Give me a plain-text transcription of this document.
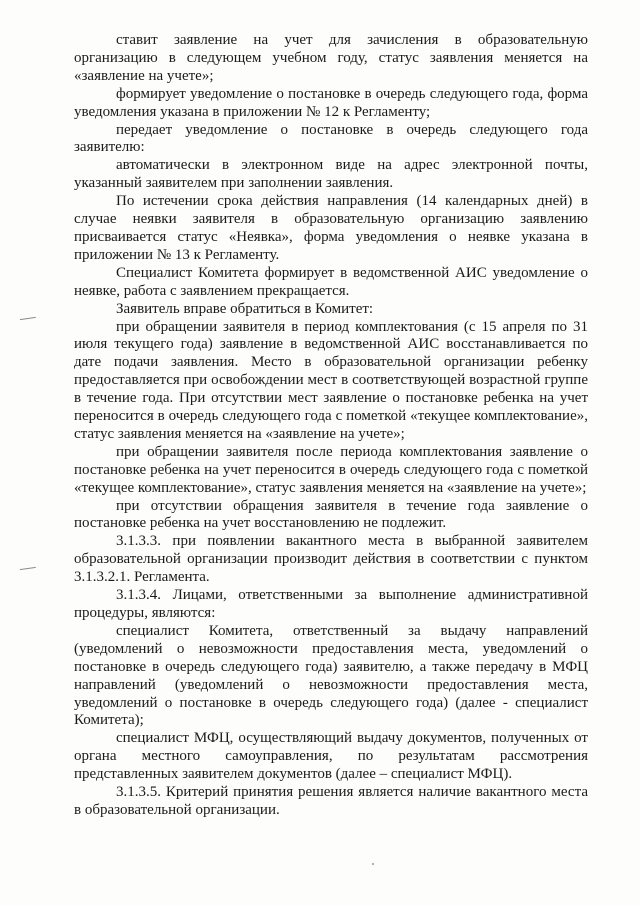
ставит заявление на учет для зачисления в образовательную организацию в следующем учебном году, статус заявления меняется на «заявление на учете»;

формирует уведомление о постановке в очередь следующего года, форма уведомления указана в приложении № 12 к Регламенту;

передает уведомление о постановке в очередь следующего года заявителю:

автоматически в электронном виде на адрес электронной почты, указанный заявителем при заполнении заявления.

По истечении срока действия направления (14 календарных дней) в случае неявки заявителя в образовательную организацию заявлению присваивается статус «Неявка», форма уведомления о неявке указана в приложении № 13 к Регламенту.

Специалист Комитета формирует в ведомственной АИС уведомление о неявке, работа с заявлением прекращается.

Заявитель вправе обратиться в Комитет:

при обращении заявителя в период комплектования (с 15 апреля по 31 июля текущего года) заявление в ведомственной АИС восстанавливается по дате подачи заявления. Место в образовательной организации ребенку предоставляется при освобождении мест в соответствующей возрастной группе в течение года. При отсутствии мест заявление о постановке ребенка на учет переносится в очередь следующего года с пометкой «текущее комплектование», статус заявления меняется на «заявление на учете»;

при обращении заявителя после периода комплектования заявление о постановке ребенка на учет переносится в очередь следующего года с пометкой «текущее комплектование», статус заявления меняется на «заявление на учете»;

при отсутствии обращения заявителя в течение года заявление о постановке ребенка на учет восстановлению не подлежит.

3.1.3.3. при появлении вакантного места в выбранной заявителем образовательной организации производит действия в соответствии с пунктом 3.1.3.2.1. Регламента.

3.1.3.4. Лицами, ответственными за выполнение административной процедуры, являются:

специалист Комитета, ответственный за выдачу направлений (уведомлений о невозможности предоставления места, уведомлений о постановке в очередь следующего года) заявителю, а также передачу в МФЦ направлений (уведомлений о невозможности предоставления места, уведомлений о постановке в очередь следующего года) (далее - специалист Комитета);

специалист МФЦ, осуществляющий выдачу документов, полученных от органа местного самоуправления, по результатам рассмотрения представленных заявителем документов (далее – специалист МФЦ).

3.1.3.5. Критерий принятия решения является наличие вакантного места в образовательной организации.
